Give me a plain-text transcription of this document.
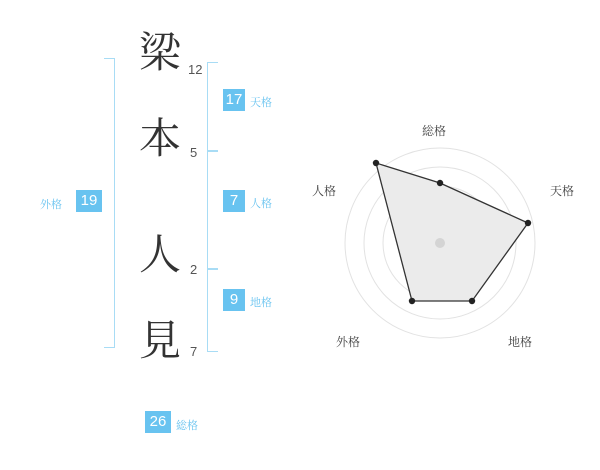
梁
本
人
見
12
5
2
7
17 天格
7	人格
9	地格
19
外格
26 総格
総格
天格
地格
外格
人格
